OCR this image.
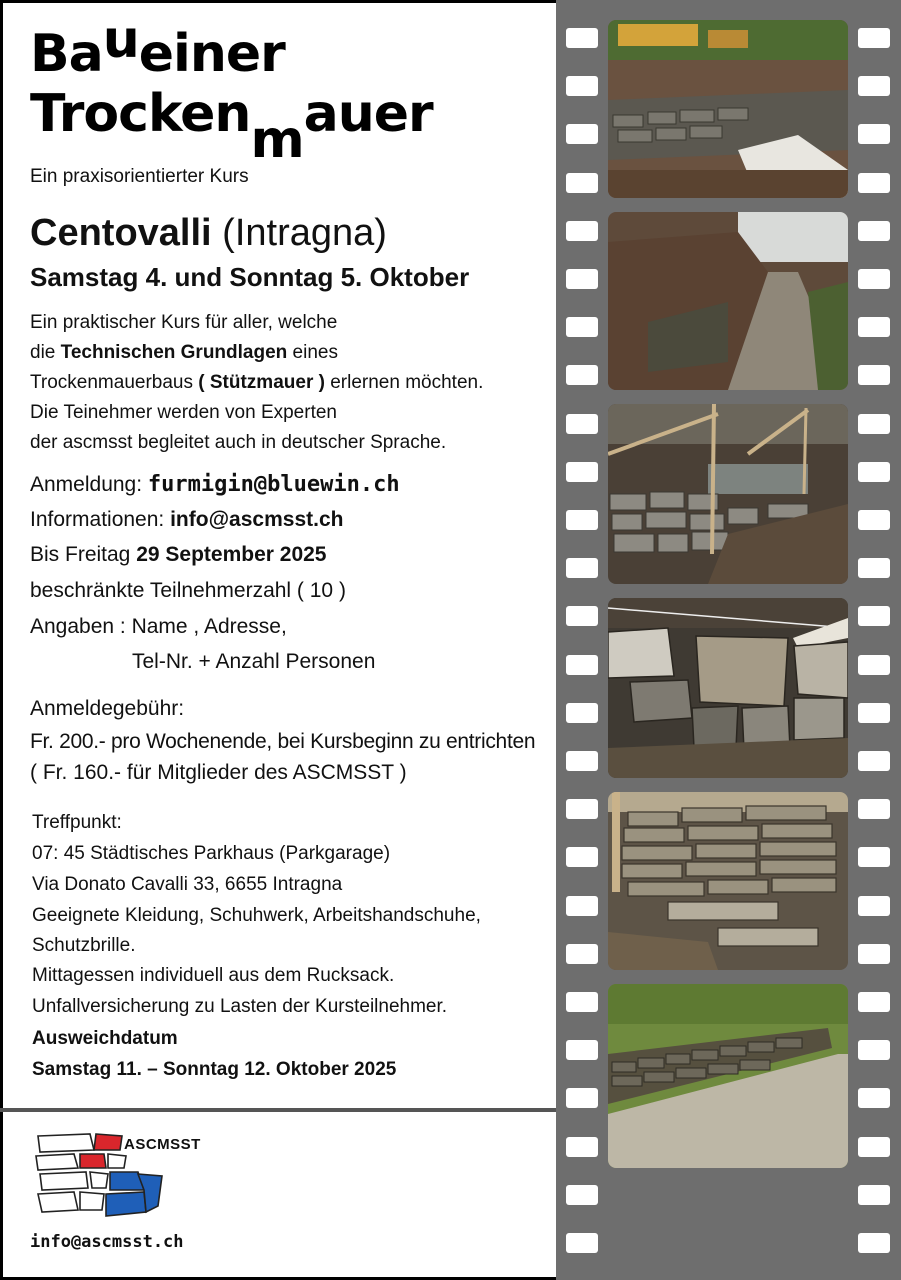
Baueiner
Trockenmauer
Ein praxisorientierter Kurs
Centovalli (Intragna)
Samstag 4. und Sonntag 5. Oktober
Ein praktischer Kurs für aller, welche
die Technischen Grundlagen eines
Trockenmauerbaus ( Stützmauer ) erlernen möchten.
Die Teinehmer werden von Experten
der ascmsst begleitet auch in deutscher Sprache.
Anmeldung: furmigin@bluewin.ch
Informationen: info@ascmsst.ch
Bis Freitag 29 September 2025
beschränkte Teilnehmerzahl ( 10 )
Angaben : Name , Adresse,
Tel-Nr. + Anzahl Personen
Anmeldegebühr:
Fr. 200.- pro Wochenende, bei Kursbeginn zu entrichten
( Fr. 160.- für Mitglieder des ASCMSST )
Treffpunkt:
07: 45 Städtisches Parkhaus (Parkgarage)
Via Donato Cavalli 33, 6655 Intragna
Geeignete Kleidung, Schuhwerk, Arbeitshandschuhe,
Schutzbrille.
Mittagessen individuell aus dem Rucksack.
Unfallversicherung zu Lasten der Kursteilnehmer.
Ausweichdatum
Samstag 11. – Sonntag 12. Oktober 2025
ASCMSST
info@ascmsst.ch
